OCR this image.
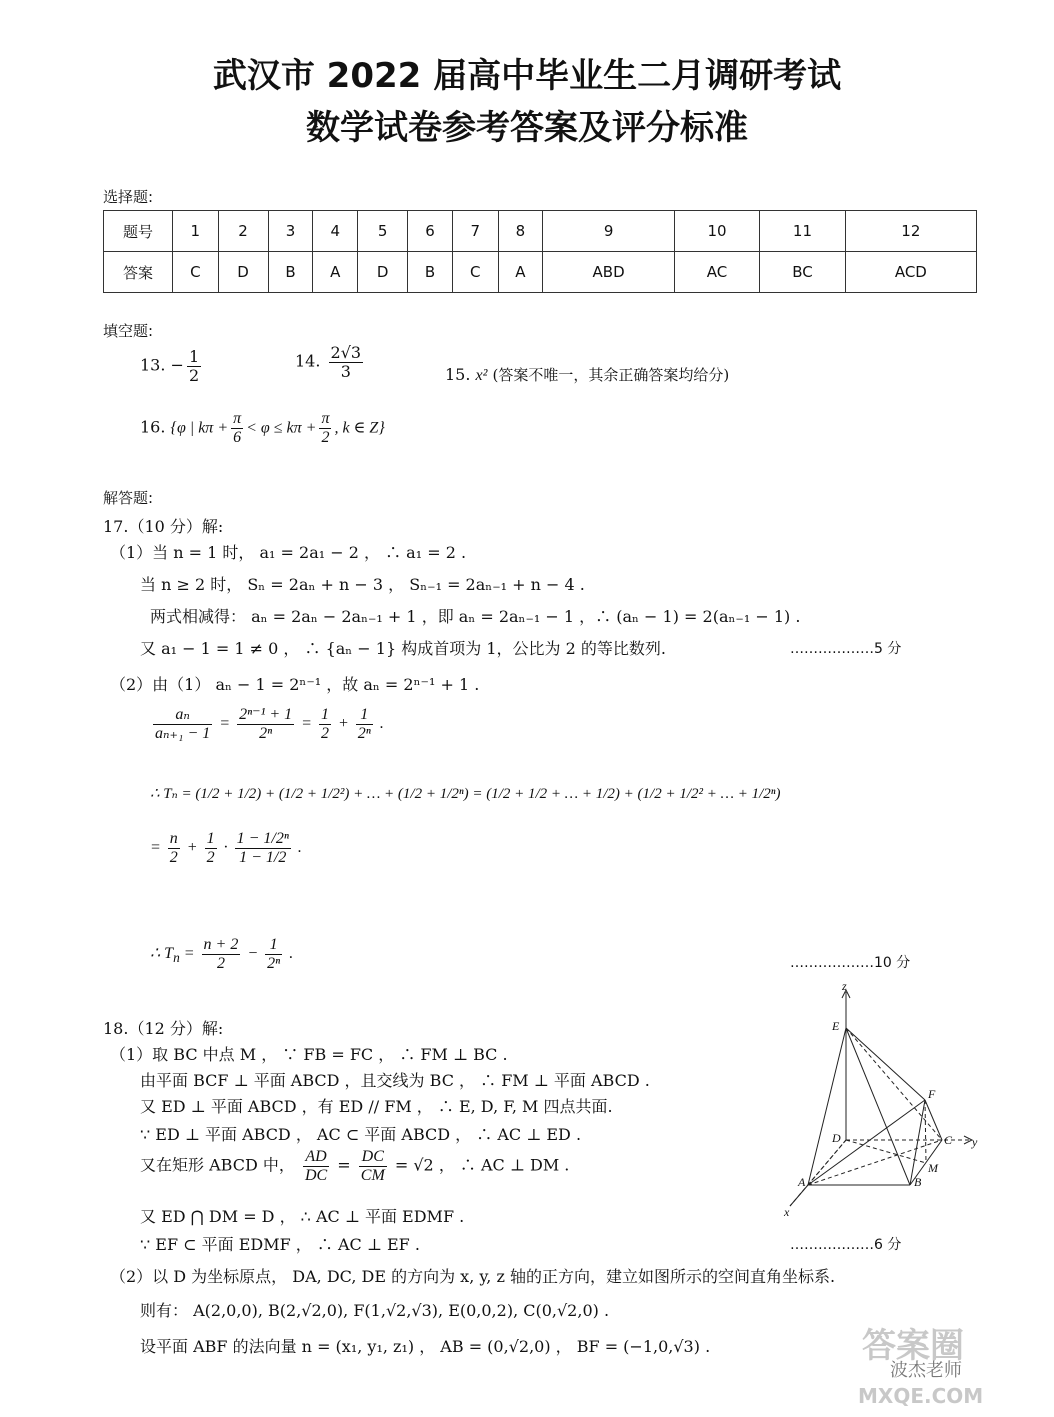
武汉市 2022 届高中毕业生二月调研考试
数学试卷参考答案及评分标准
选择题:
题号	1	2	3	4	5	6	7	8	9	10	11	12
答案	C	D	B	A	D	B	C	A	ABD	AC	BC	ACD
填空题:
13. − $\frac{1}{2}$	14. $\frac{2√3}{3}$	15. x² (答案不唯一，其余正确答案均给分)
16. {φ | $k\pi + \frac{\pi}{6} < \varphi \le k\pi + \frac{\pi}{2}$ , k ∈ Z}
解答题:
17.（10 分）解:
（1）当 n = 1 时， a₁ = 2a₁ − 2 ， ∴ a₁ = 2 .
当 n ≥ 2 时， Sₙ = 2aₙ + n − 3 ， Sₙ₋₁ = 2aₙ₋₁ + n − 4 .
两式相减得： aₙ = 2aₙ − 2aₙ₋₁ + 1 ，即 aₙ = 2aₙ₋₁ − 1 ，∴ (aₙ − 1) = 2(aₙ₋₁ − 1) .
又 a₁ − 1 = 1 ≠ 0 ， ∴ {aₙ − 1} 构成首项为 1，公比为 2 的等比数列.	………………5 分
（2）由（1） aₙ − 1 = 2ⁿ⁻¹ ，故 aₙ = 2ⁿ⁻¹ + 1 .
$\frac{\text{aₙ}}{\text{aₙ₊₁ − 1}} = \frac{\text{2ⁿ⁻¹ + 1}}{\text{2ⁿ}} = \frac{1}{2} + \frac{1}{\text{2ⁿ}}$ .
∴ Tₙ = (1/2 + 1/2) + (1/2 + 1/2²) + … + (1/2 + 1/2ⁿ) = (1/2 + 1/2 + … + 1/2) + (1/2 + 1/2² + … + 1/2ⁿ)
= $\frac{n}{2} + \frac{1}{2} \cdot \frac{\text{1 − 1/2ⁿ}}{1 - 1/2}$ .
∴ $T_n = \frac{n + 2}{2} - \frac{1}{\text{2ⁿ}}$ .
………………10 分
18.（12 分）解:
（1）取 BC 中点 M ， ∵ FB = FC ， ∴ FM ⊥ BC .
由平面 BCF ⊥ 平面 ABCD ，且交线为 BC ， ∴ FM ⊥ 平面 ABCD .
又 ED ⊥ 平面 ABCD ，有 ED // FM ， ∴ E, D, F, M 四点共面.
∵ ED ⊥ 平面 ABCD ， AC ⊂ 平面 ABCD ， ∴ AC ⊥ ED .
又在矩形 ABCD 中， $\frac{AD}{DC} = \frac{DC}{CM} = √2$ ， ∴ AC ⊥ DM .
又 ED ⋂ DM = D ， ∴ AC ⊥ 平面 EDMF .
∵ EF ⊂ 平面 EDMF ， ∴ AC ⊥ EF .	………………6 分
（2）以 D 为坐标原点， DA, DC, DE 的方向为 x, y, z 轴的正方向，建立如图所示的空间直角坐标系.
则有： A(2,0,0), B(2,√2,0), F(1,√2,√3), E(0,0,2), C(0,√2,0) .
设平面 ABF 的法向量 n = (x₁, y₁, z₁) ， AB = (0,√2,0) ， BF = (−1,0,√3) .
z
y
x
E
F
D	C
A	B
M
答案圈
MXQE.COM
波杰老师
